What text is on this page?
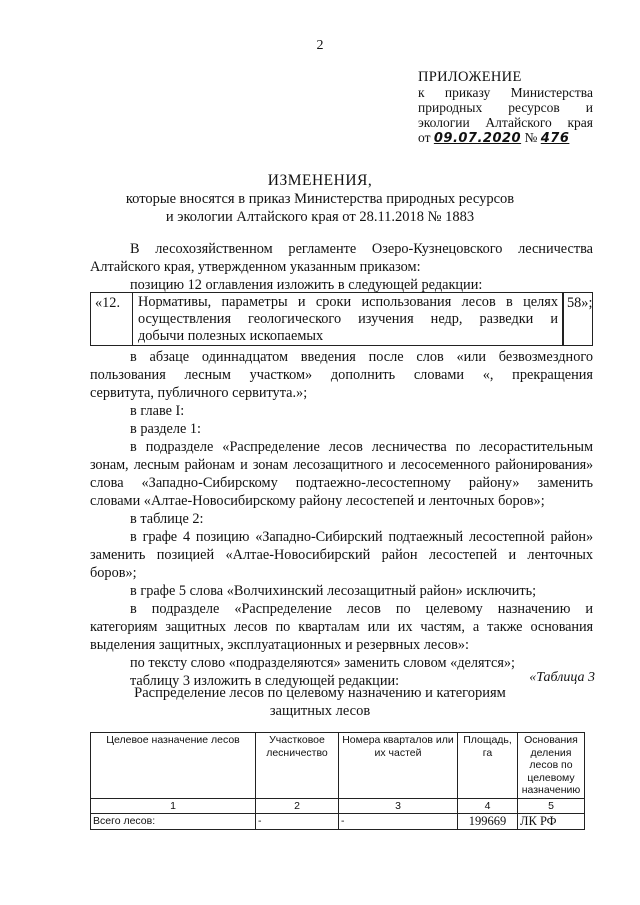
2
ПРИЛОЖЕНИЕ
к приказу Министерства
природных ресурсов и
экологии Алтайского края
от 09.07.2020 № 476
ИЗМЕНЕНИЯ,
которые вносятся в приказ Министерства природных ресурсов
и экологии Алтайского края от 28.11.2018 № 1883
В лесохозяйственном регламенте Озеро-Кузнецовского лесничества
Алтайского края, утвержденном указанным приказом:
позицию 12 оглавления изложить в следующей редакции:
«12.	Нормативы, параметры и сроки использования лесов в целях
осуществления геологического изучения недр, разведки и
добычи полезных ископаемых
58»;
в абзаце одиннадцатом введения после слов «или безвозмездного
пользования лесным участком» дополнить словами «, прекращения
сервитута, публичного сервитута.»;
в главе I:
в разделе 1:
в подразделе «Распределение лесов лесничества по лесорастительным
зонам, лесным районам и зонам лесозащитного и лесосеменного районирования»
слова «Западно-Сибирскому подтаежно-лесостепному району» заменить
словами «Алтае-Новосибирскому району лесостепей и ленточных боров»;
в таблице 2:
в графе 4 позицию «Западно-Сибирский подтаежный лесостепной район»
заменить позицией «Алтае-Новосибирский район лесостепей и ленточных
боров»;
в графе 5 слова «Волчихинский лесозащитный район» исключить;
в подразделе «Распределение лесов по целевому назначению и
категориям защитных лесов по кварталам или их частям, а также основания
выделения защитных, эксплуатационных и резервных лесов»:
по тексту слово «подразделяются» заменить словом «делятся»;
таблицу 3 изложить в следующей редакции:	«Таблица 3
Распределение лесов по целевому назначению и категориям
защитных лесов
Целевое назначение лесов	Участковое лесничество	Номера кварталов или их частей	Площадь, га	Основания деления лесов по целевому назначению
1	2	3	4	5
Всего лесов:	-	-	199669	ЛК РФ
